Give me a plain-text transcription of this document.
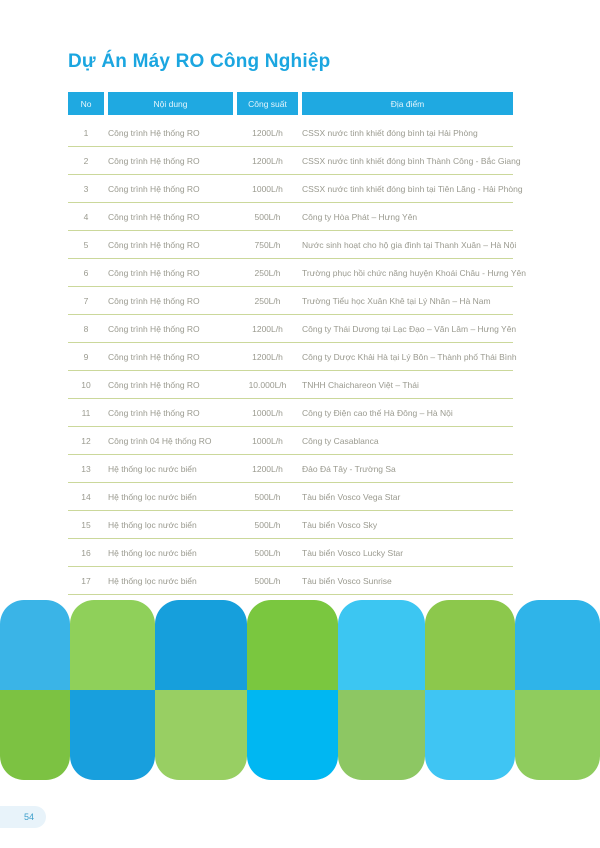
Dự Án Máy RO Công Nghiệp
No	Nội dung	Công suất	Địa điểm
1	Công trình Hệ thống RO	1200L/h	CSSX nước tinh khiết đóng bình tại Hải Phòng
2	Công trình Hệ thống RO	1200L/h	CSSX nước tinh khiết đóng bình Thành Công - Bắc Giang
3	Công trình Hệ thống RO	1000L/h	CSSX nước tinh khiết đóng bình tại Tiên Lãng - Hải Phòng
4	Công trình Hệ thống RO	500L/h	Công ty Hòa Phát – Hưng Yên
5	Công trình Hệ thống RO	750L/h	Nước sinh hoạt cho hộ gia đình tại Thanh Xuân – Hà Nội
6	Công trình Hệ thống RO	250L/h	Trường phục hồi chức năng huyện Khoái Châu - Hưng Yên
7	Công trình Hệ thống RO	250L/h	Trường Tiểu học Xuân Khê tại Lý Nhân – Hà Nam
8	Công trình Hệ thống RO	1200L/h	Công ty Thái Dương tại Lạc Đạo – Văn Lâm – Hưng Yên
9	Công trình Hệ thống RO	1200L/h	Công ty Dược Khải Hà tại Lý Bôn – Thành phố Thái Bình
10	Công trình Hệ thống RO	10.000L/h	TNHH Chaichareon Việt – Thái
11	Công trình Hệ thống RO	1000L/h	Công ty Điện cao thế Hà Đông – Hà Nội
12	Công trình 04 Hệ thống RO	1000L/h	Công ty Casablanca
13	Hệ thống lọc nước biển	1200L/h	Đảo Đá Tây - Trường Sa
14	Hệ thống lọc nước biển	500L/h	Tàu biển Vosco Vega Star
15	Hệ thống lọc nước biển	500L/h	Tàu biển Vosco Sky
16	Hệ thống lọc nước biển	500L/h	Tàu biển Vosco Lucky Star
17	Hệ thống lọc nước biển	500L/h	Tàu biển Vosco Sunrise
54
